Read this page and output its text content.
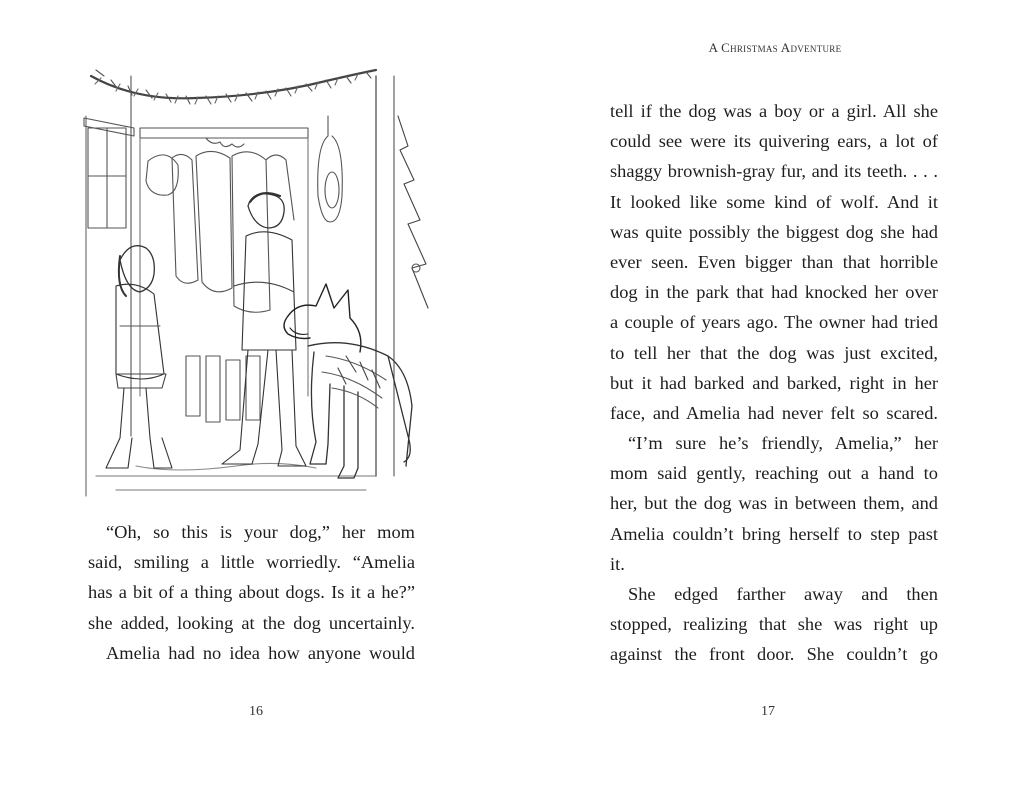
“Oh, so this is your dog,” her mom
said, smiling a little worriedly. “Amelia
has a bit of a thing about dogs. Is it a he?”
she added, looking at the dog uncertainly.
Amelia had no idea how anyone would
16
A Christmas Adventure
tell if the dog was a boy or a girl. All she
could see were its quivering ears, a lot of
shaggy brownish-gray fur, and its teeth. . . .
It looked like some kind of wolf. And it
was quite possibly the biggest dog she had
ever seen. Even bigger than that horrible
dog in the park that had knocked her over
a couple of years ago. The owner had tried
to tell her that the dog was just excited,
but it had barked and barked, right in her
face, and Amelia had never felt so scared.
“I’m sure he’s friendly, Amelia,” her
mom said gently, reaching out a hand to
her, but the dog was in between them, and
Amelia couldn’t bring herself to step past
it.
She edged farther away and then
stopped, realizing that she was right up
against the front door. She couldn’t go
17
